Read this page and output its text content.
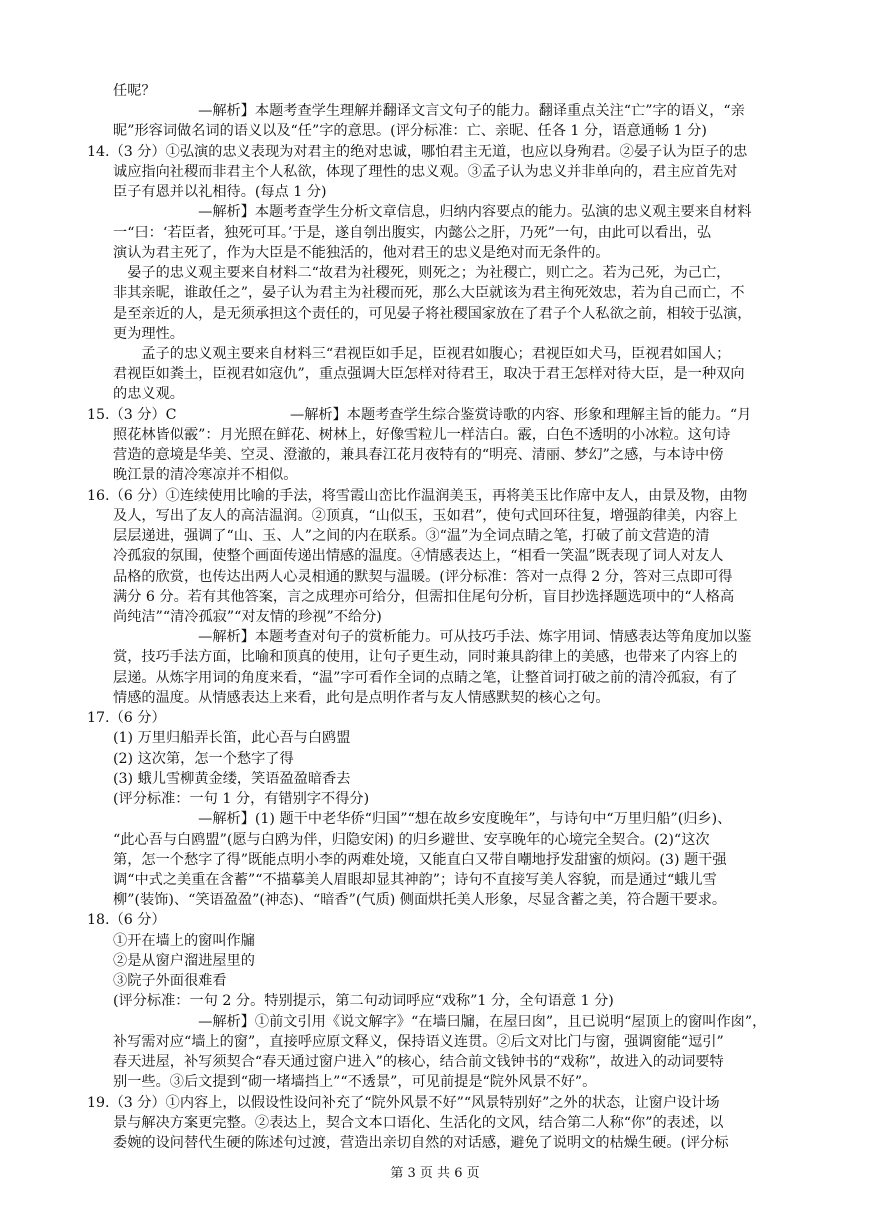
任呢？
　　　　　　—解析】本题考查学生理解并翻译文言文句子的能力。翻译重点关注“亡”字的语义，“亲
昵”形容词做名词的语义以及“任”字的意思。(评分标准：亡、亲昵、任各 1 分，语意通畅 1 分)
14.（3 分）①弘演的忠义表现为对君主的绝对忠诚，哪怕君主无道，也应以身殉君。②晏子认为臣子的忠
诚应指向社稷而非君主个人私欲，体现了理性的忠义观。③孟子认为忠义并非单向的，君主应首先对
臣子有恩并以礼相待。(每点 1 分)
　　　　　　—解析】本题考查学生分析文章信息，归纳内容要点的能力。弘演的忠义观主要来自材料
一“曰：‘若臣者，独死可耳。’于是，遂自刳出腹实，内懿公之肝，乃死”一句，由此可以看出，弘
演认为君主死了，作为大臣是不能独活的，他对君王的忠义是绝对而无条件的。
　晏子的忠义观主要来自材料二“故君为社稷死，则死之；为社稷亡，则亡之。若为己死，为己亡，
非其亲昵，谁敢任之”，晏子认为君主为社稷而死，那么大臣就该为君主徇死效忠，若为自己而亡，不
是至亲近的人，是无须承担这个责任的，可见晏子将社稷国家放在了君子个人私欲之前，相较于弘演，
更为理性。
　　孟子的忠义观主要来自材料三“君视臣如手足，臣视君如腹心；君视臣如犬马，臣视君如国人；
君视臣如粪土，臣视君如寇仇”，重点强调大臣怎样对待君王，取决于君王怎样对待大臣，是一种双向
的忠义观。
15.（3 分）C　　　　　　　　—解析】本题考查学生综合鉴赏诗歌的内容、形象和理解主旨的能力。“月
照花林皆似霰”：月光照在鲜花、树林上，好像雪粒儿一样洁白。霰，白色不透明的小冰粒。这句诗
营造的意境是华美、空灵、澄澈的，兼具春江花月夜特有的“明亮、清丽、梦幻”之感，与本诗中傍
晚江景的清冷寒凉并不相似。
16.（6 分）①连续使用比喻的手法，将雪霞山峦比作温润美玉，再将美玉比作席中友人，由景及物，由物
及人，写出了友人的高洁温润。②顶真，“山似玉，玉如君”，使句式回环往复，增强韵律美，内容上
层层递进，强调了“山、玉、人”之间的内在联系。③“温”为全词点睛之笔，打破了前文营造的清
冷孤寂的氛围，使整个画面传递出情感的温度。④情感表达上，“相看一笑温”既表现了词人对友人
品格的欣赏，也传达出两人心灵相通的默契与温暖。(评分标准：答对一点得 2 分，答对三点即可得
满分 6 分。若有其他答案，言之成理亦可给分，但需扣住尾句分析，盲目抄选择题选项中的“人格高
尚纯洁”“清冷孤寂”“对友情的珍视”不给分)
　　　　　　—解析】本题考查对句子的赏析能力。可从技巧手法、炼字用词、情感表达等角度加以鉴
赏，技巧手法方面，比喻和顶真的使用，让句子更生动，同时兼具韵律上的美感，也带来了内容上的
层递。从炼字用词的角度来看，“温”字可看作全词的点睛之笔，让整首词打破之前的清冷孤寂，有了
情感的温度。从情感表达上来看，此句是点明作者与友人情感默契的核心之句。
17.（6 分）
(1) 万里归船弄长笛，此心吾与白鸥盟
(2) 这次第，怎一个愁字了得
(3) 蛾儿雪柳黄金缕，笑语盈盈暗香去
(评分标准：一句 1 分，有错别字不得分)
　　　　　　—解析】(1) 题干中老华侨“归国”“想在故乡安度晚年”，与诗句中“万里归船”(归乡)、
“此心吾与白鸥盟”(愿与白鸥为伴，归隐安闲) 的归乡避世、安享晚年的心境完全契合。(2)“这次
第，怎一个愁字了得”既能点明小李的两难处境，又能直白又带自嘲地抒发甜蜜的烦闷。(3) 题干强
调“中式之美重在含蓄”“不描摹美人眉眼却显其神韵”；诗句不直接写美人容貌，而是通过“蛾儿雪
柳”(装饰)、“笑语盈盈”(神态)、“暗香”(气质) 侧面烘托美人形象，尽显含蓄之美，符合题干要求。
18.（6 分）
①开在墙上的窗叫作牖
②是从窗户溜进屋里的
③院子外面很难看
(评分标准：一句 2 分。特别提示，第二句动词呼应“戏称”1 分，全句语意 1 分)
　　　　　　—解析】①前文引用《说文解字》“在墙曰牖，在屋曰囱”，且已说明“屋顶上的窗叫作囱”，
补写需对应“墙上的窗”，直接呼应原文释义，保持语义连贯。②后文对比门与窗，强调窗能“逗引”
春天进屋，补写须契合“春天通过窗户进入”的核心，结合前文钱钟书的“戏称”，故进入的动词要特
别一些。③后文提到“砌一堵墙挡上”“不透景”，可见前提是“院外风景不好”。
19.（3 分）①内容上，以假设性设问补充了“院外风景不好”“风景特别好”之外的状态，让窗户设计场
景与解决方案更完整。②表达上，契合文本口语化、生活化的文风，结合第二人称“你”的表述，以
委婉的设问替代生硬的陈述句过渡，营造出亲切自然的对话感，避免了说明文的枯燥生硬。(评分标
第 3 页 共 6 页
